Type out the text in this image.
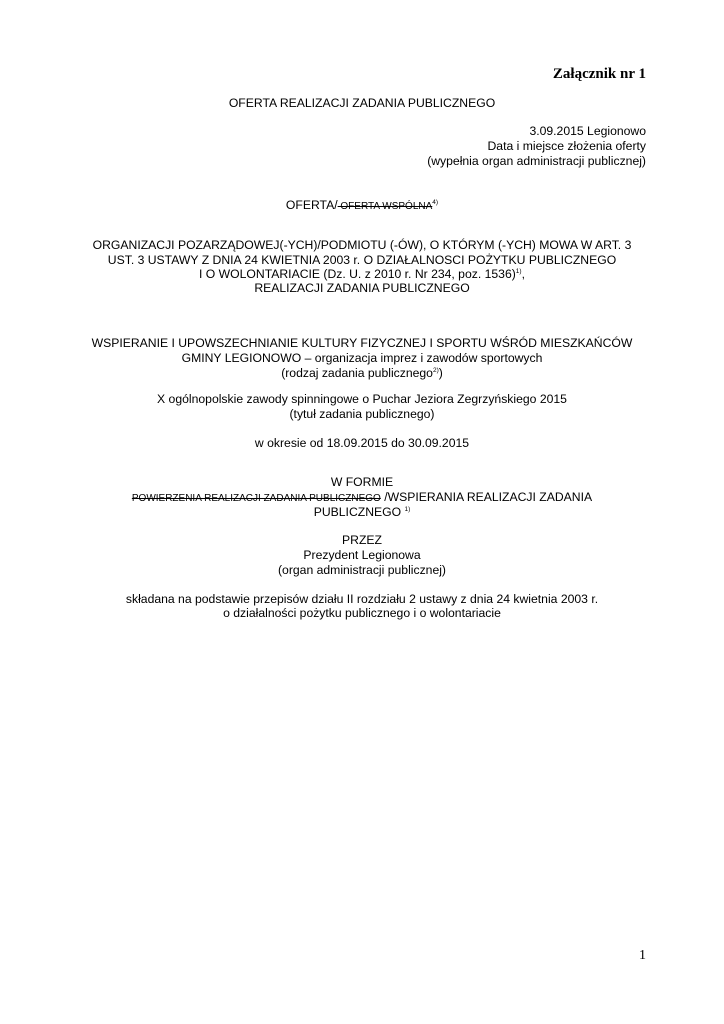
Załącznik nr 1
OFERTA REALIZACJI ZADANIA PUBLICZNEGO
3.09.2015 Legionowo
Data i miejsce złożenia oferty
(wypełnia organ administracji publicznej)
OFERTA/ OFERTA WSPÓLNA$^{4)}$
ORGANIZACJI POZARZĄDOWEJ(-YCH)/PODMIOTU (-ÓW), O KTÓRYM (-YCH) MOWA W ART. 3
UST. 3 USTAWY Z DNIA 24 KWIETNIA 2003 r. O DZIAŁALNOSCI POŻYTKU PUBLICZNEGO
I O WOLONTARIACIE (Dz. U. z 2010 r. Nr 234, poz. 1536)$^{1)}$,
REALIZACJI ZADANIA PUBLICZNEGO
WSPIERANIE I UPOWSZECHNIANIE KULTURY FIZYCZNEJ I SPORTU WŚRÓD MIESZKAŃCÓW
GMINY LEGIONOWO – organizacja imprez i zawodów sportowych
(rodzaj zadania publicznego$^{2)}$)
X ogólnopolskie zawody spinningowe o Puchar Jeziora Zegrzyńskiego 2015
(tytuł zadania publicznego)
w okresie od 18.09.2015 do 30.09.2015
W FORMIE
POWIERZENIA REALIZACJI ZADANIA PUBLICZNEGO /WSPIERANIA REALIZACJI ZADANIA
PUBLICZNEGO $^{1)}$
PRZEZ
Prezydent Legionowa
(organ administracji publicznej)
składana na podstawie przepisów działu II rozdziału 2 ustawy z dnia 24 kwietnia 2003 r.
o działalności pożytku publicznego i o wolontariacie
1
